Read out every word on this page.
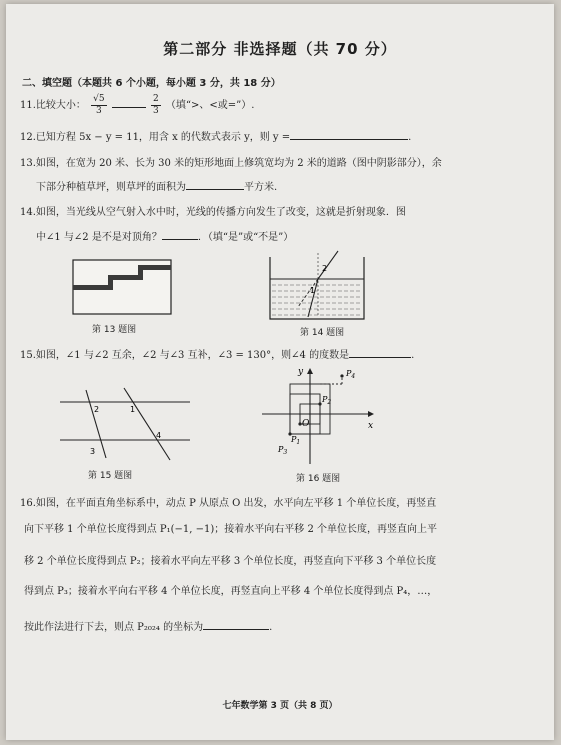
第二部分 非选择题（共 70 分）
二、填空题（本题共 6 个小题，每小题 3 分，共 18 分）
11.比较大小： $\frac{√5}{3}$
	$\frac{2}{3}$ （填“>、<或=”）.
12.已知方程 5x − y = 11，用含 x 的代数式表示 y，则 y =	.
13.如图，在宽为 20 米、长为 30 米的矩形地面上修筑宽均为 2 米的道路（图中阴影部分），余
下部分种植草坪，则草坪的面积为	平方米.
14.如图，当光线从空气射入水中时，光线的传播方向发生了改变，这就是折射现象．图
中∠1 与∠2 是不是对顶角？	．（填“是”或“不是”）
第 13 题图
2
1
第 14 题图
15.如图，∠1 与∠2 互余，∠2 与∠3 互补，∠3 = 130°，则∠4 的度数是	.
2	1
3
4
第 15 题图
y
x
O
$P_1$
$P_2$
$P_3$
$P_4$
第 16 题图
16.如图，在平面直角坐标系中，动点 P 从原点 O 出发，水平向左平移 1 个单位长度，再竖直
向下平移 1 个单位长度得到点 P₁(−1, −1)；接着水平向右平移 2 个单位长度，再竖直向上平
移 2 个单位长度得到点 P₂；接着水平向左平移 3 个单位长度，再竖直向下平移 3 个单位长度
得到点 P₃；接着水平向右平移 4 个单位长度，再竖直向上平移 4 个单位长度得到点 P₄，…，
按此作法进行下去，则点 P₂₀₂₄ 的坐标为	.
七年数学第 3 页（共 8 页）
